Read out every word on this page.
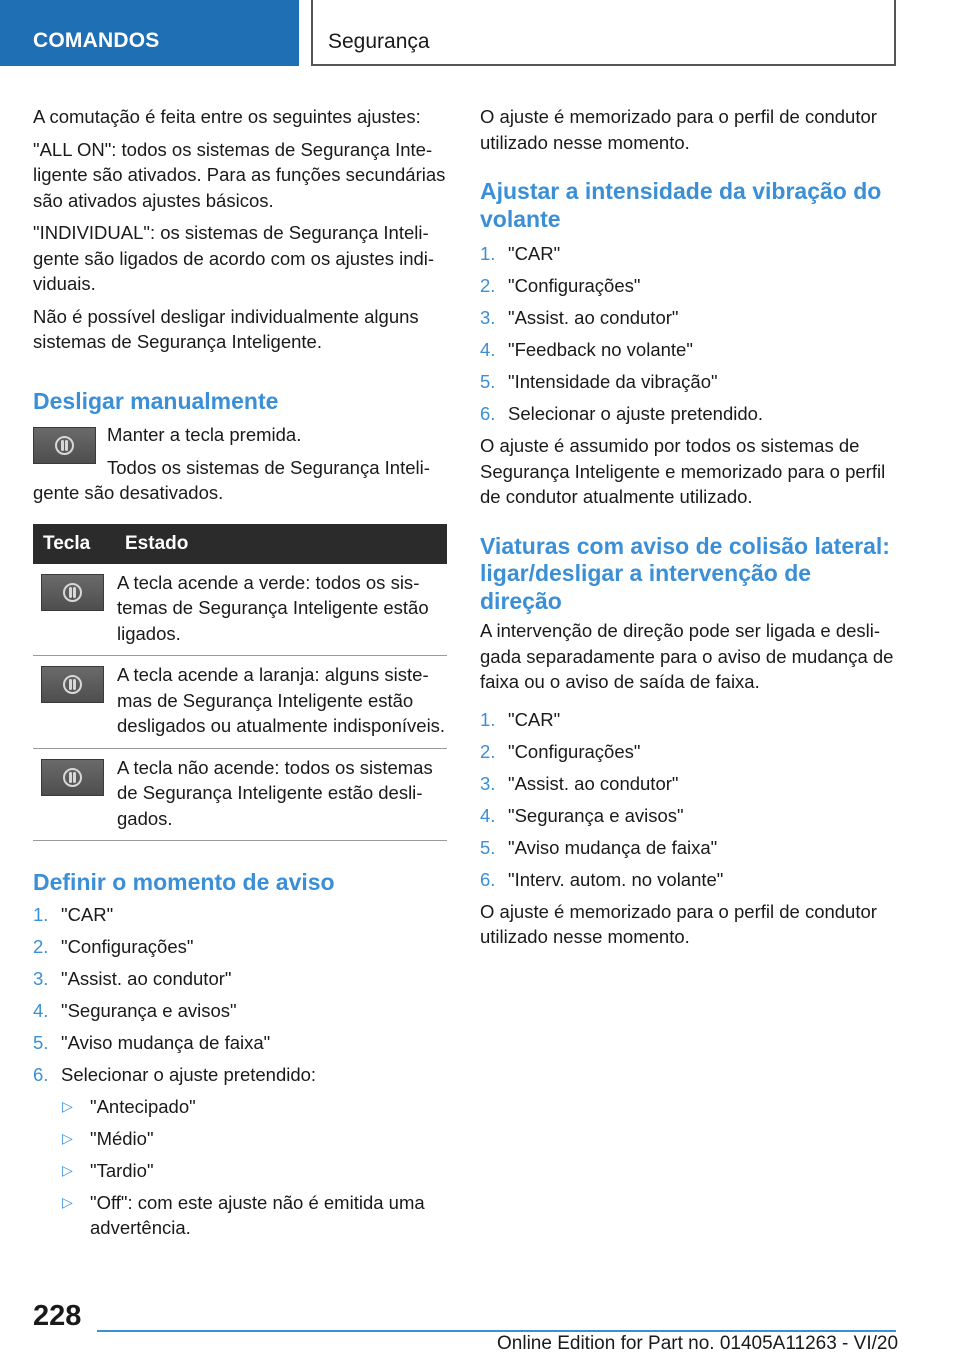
COMANDOS	Segurança

A comutação é feita entre os seguintes ajustes:

"ALL ON": todos os sistemas de Segurança Inteligente são ativados. Para as funções secundárias são ativados ajustes básicos.

"INDIVIDUAL": os sistemas de Segurança Inteligente são ligados de acordo com os ajustes individuais.

Não é possível desligar individualmente alguns sistemas de Segurança Inteligente.

Desligar manualmente

Manter a tecla premida.

Todos os sistemas de Segurança Inteligente são desativados.

Tecla	Estado

	A tecla acende a verde: todos os sistemas de Segurança Inteligente estão ligados.

	A tecla acende a laranja: alguns sistemas de Segurança Inteligente estão desligados ou atualmente indisponíveis.

	A tecla não acende: todos os sistemas de Segurança Inteligente estão desligados.
Definir o momento de aviso
1. "CAR"
2. "Configurações"
3. "Assist. ao condutor"
4. "Segurança e avisos"
5. "Aviso mudança de faixa"
6. Selecionar o ajuste pretendido:
▷ "Antecipado"
▷ "Médio"
▷ "Tardio"
▷ "Off": com este ajuste não é emitida uma advertência.

O ajuste é memorizado para o perfil de condutor utilizado nesse momento.

Ajustar a intensidade da vibração do volante
1. "CAR"
2. "Configurações"
3. "Assist. ao condutor"
4. "Feedback no volante"
5. "Intensidade da vibração"
6. Selecionar o ajuste pretendido.

O ajuste é assumido por todos os sistemas de Segurança Inteligente e memorizado para o perfil de condutor atualmente utilizado.

Viaturas com aviso de colisão lateral: ligar/desligar a intervenção de direção

A intervenção de direção pode ser ligada e desligada separadamente para o aviso de mudança de faixa ou o aviso de saída de faixa.

1. "CAR"
2. "Configurações"
3. "Assist. ao condutor"
4. "Segurança e avisos"
5. "Aviso mudança de faixa"
6. "Interv. autom. no volante"

O ajuste é memorizado para o perfil de condutor utilizado nesse momento.

228
Online Edition for Part no. 01405A11263 - VI/20
